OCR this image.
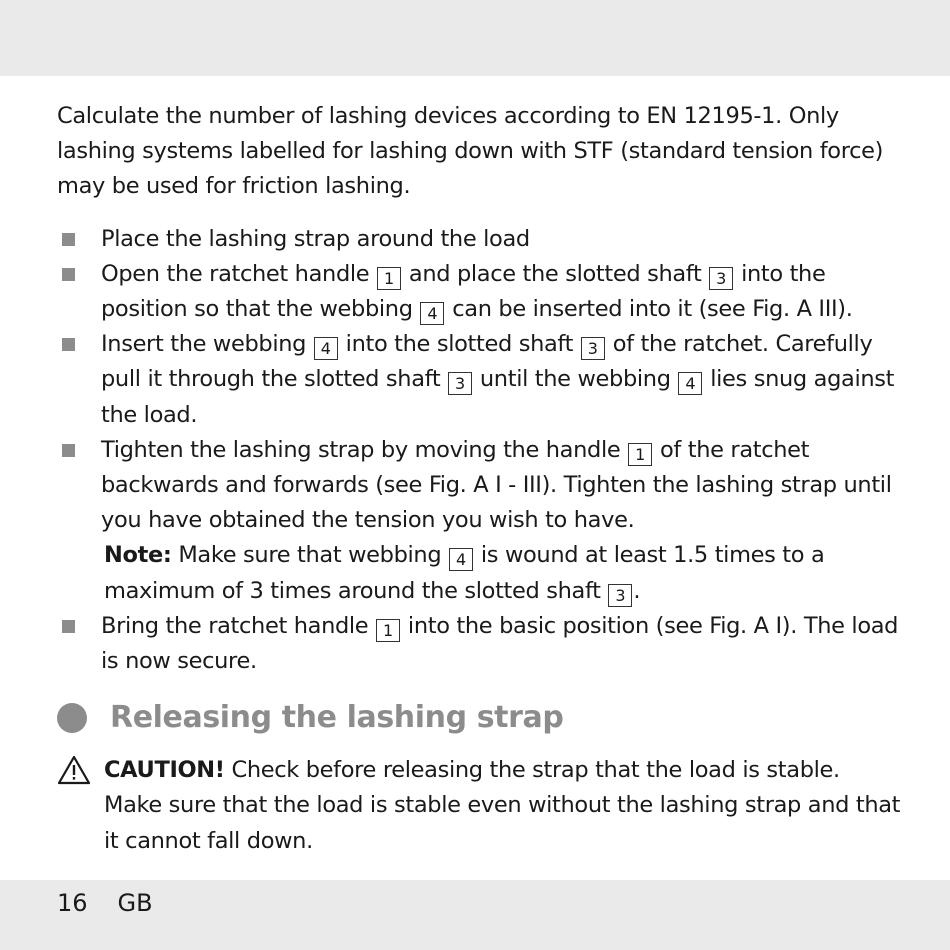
Calculate the number of lashing devices according to EN 12195-1. Only lashing systems labelled for lashing down with STF (standard tension force) may be used for friction lashing.

Place the lashing strap around the load
Open the ratchet handle 1 and place the slotted shaft 3 into the position so that the webbing 4 can be inserted into it (see Fig. A III).
Insert the webbing 4 into the slotted shaft 3 of the ratchet. Carefully pull it through the slotted shaft 3 until the webbing 4 lies snug against the load.
Tighten the lashing strap by moving the handle 1 of the ratchet backwards and forwards (see Fig. A I - III). Tighten the lashing strap until you have obtained the tension you wish to have.
Note: Make sure that webbing 4 is wound at least 1.5 times to a maximum of 3 times around the slotted shaft 3 .
Bring the ratchet handle 1 into the basic position (see Fig. A I). The load is now secure.
Releasing the lashing strap
CAUTION! Check before releasing the strap that the load is stable. Make sure that the load is stable even without the lashing strap and that it cannot fall down.
16 GB
